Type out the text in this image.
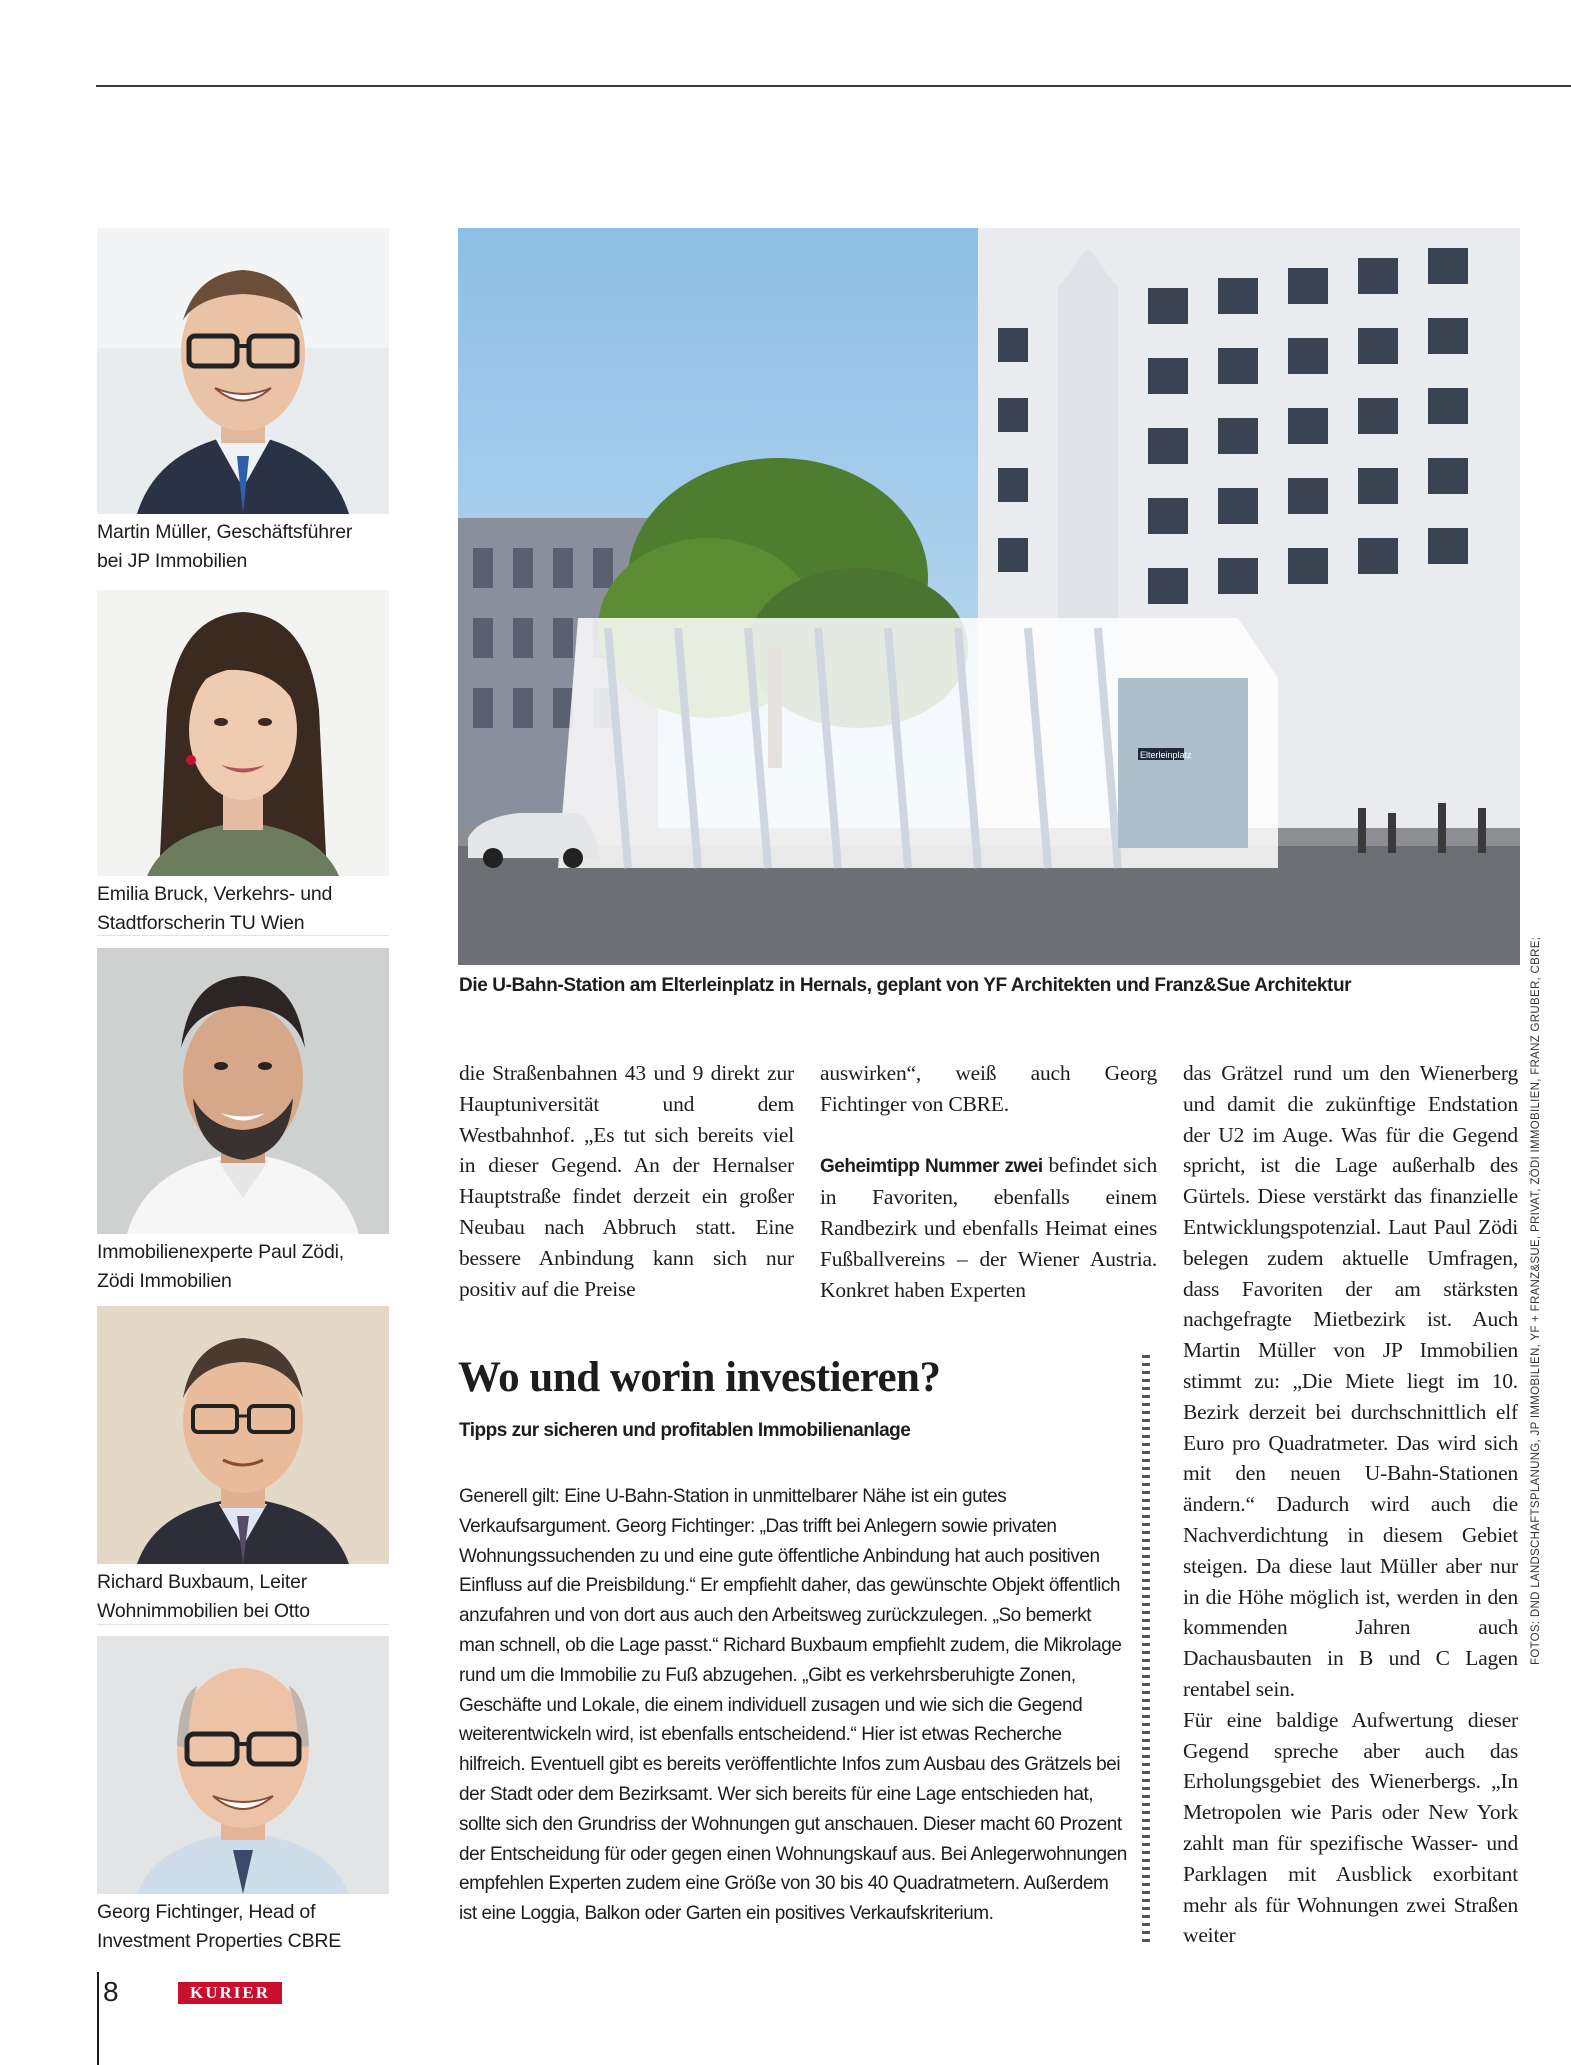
Martin Müller, Geschäftsführer
bei JP Immobilien
Emilia Bruck, Verkehrs- und
Stadtforscherin TU Wien
Immobilienexperte Paul Zödi,
Zödi Immobilien
Richard Buxbaum, Leiter
Wohnimmobilien bei Otto
Georg Fichtinger, Head of
Investment Properties CBRE
Elterleinplatz
Die U-Bahn-Station am Elterleinplatz in Hernals, geplant von YF Architekten und Franz&Sue Architektur

die Straßenbahnen 43 und 9 direkt zur Hauptuniversität und dem Westbahnhof. „Es tut sich bereits viel in dieser Gegend. An der Hernalser Hauptstraße findet derzeit ein großer Neubau nach Abbruch statt. Eine bessere Anbindung kann sich nur positiv auf die Preise

auswirken“, weiß auch Georg Fichtinger von CBRE.

Geheimtipp Nummer zwei befindet sich in Favoriten, ebenfalls einem Randbezirk und ebenfalls Heimat eines Fußballvereins – der Wiener Austria. Konkret haben Experten

das Grätzel rund um den Wienerberg und damit die zukünftige Endstation der U2 im Auge. Was für die Gegend spricht, ist die Lage außerhalb des Gürtels. Diese verstärkt das finanzielle Entwicklungspotenzial. Laut Paul Zödi belegen zudem aktuelle Umfragen, dass Favoriten der am stärksten nachgefragte Mietbezirk ist. Auch Martin Müller von JP Immobilien stimmt zu: „Die Miete liegt im 10. Bezirk derzeit bei durchschnittlich elf Euro pro Quadratmeter. Das wird sich mit den neuen U-Bahn-Stationen ändern.“ Dadurch wird auch die Nachverdichtung in diesem Gebiet steigen. Da diese laut Müller aber nur in die Höhe möglich ist, werden in den kommenden Jahren auch Dachausbauten in B und C Lagen rentabel sein.

Für eine baldige Aufwertung dieser Gegend spreche aber auch das Erholungsgebiet des Wienerbergs. „In Metropolen wie Paris oder New York zahlt man für spezifische Wasser- und Parklagen mit Ausblick exorbitant mehr als für Wohnungen zwei Straßen weiter

Wo und worin investieren?
Tipps zur sicheren und profitablen Immobilienanlage

Generell gilt: Eine U-Bahn-Station in unmittelbarer Nähe ist ein gutes Verkaufsargument. Georg Fichtinger: „Das trifft bei Anlegern sowie privaten Wohnungssuchenden zu und eine gute öffentliche Anbindung hat auch positiven Einfluss auf die Preisbildung.“ Er empfiehlt daher, das gewünschte Objekt öffentlich anzufahren und von dort aus auch den Arbeitsweg zurückzulegen. „So bemerkt man schnell, ob die Lage passt.“ Richard Buxbaum empfiehlt zudem, die Mikrolage rund um die Immobilie zu Fuß abzugehen. „Gibt es verkehrsberuhigte Zonen, Geschäfte und Lokale, die einem individuell zusagen und wie sich die Gegend weiterentwickeln wird, ist ebenfalls entscheidend.“ Hier ist etwas Recherche hilfreich. Eventuell gibt es bereits veröffentlichte Infos zum Ausbau des Grätzels bei der Stadt oder dem Bezirksamt. Wer sich bereits für eine Lage entschieden hat, sollte sich den Grundriss der Wohnungen gut anschauen. Dieser macht 60 Prozent der Entscheidung für oder gegen einen Wohnungskauf aus. Bei Anlegerwohnungen empfehlen Experten zudem eine Größe von 30 bis 40 Quadratmetern. Außerdem ist eine Loggia, Balkon oder Garten ein positives Verkaufskriterium.

FOTOS: DND LANDSCHAFTSPLANUNG, JP IMMOBILIEN, YF + FRANZ&SUE, PRIVAT, ZÖDI IMMOBILIEN, FRANZ GRUBER, CBRE;
8	KURIER
